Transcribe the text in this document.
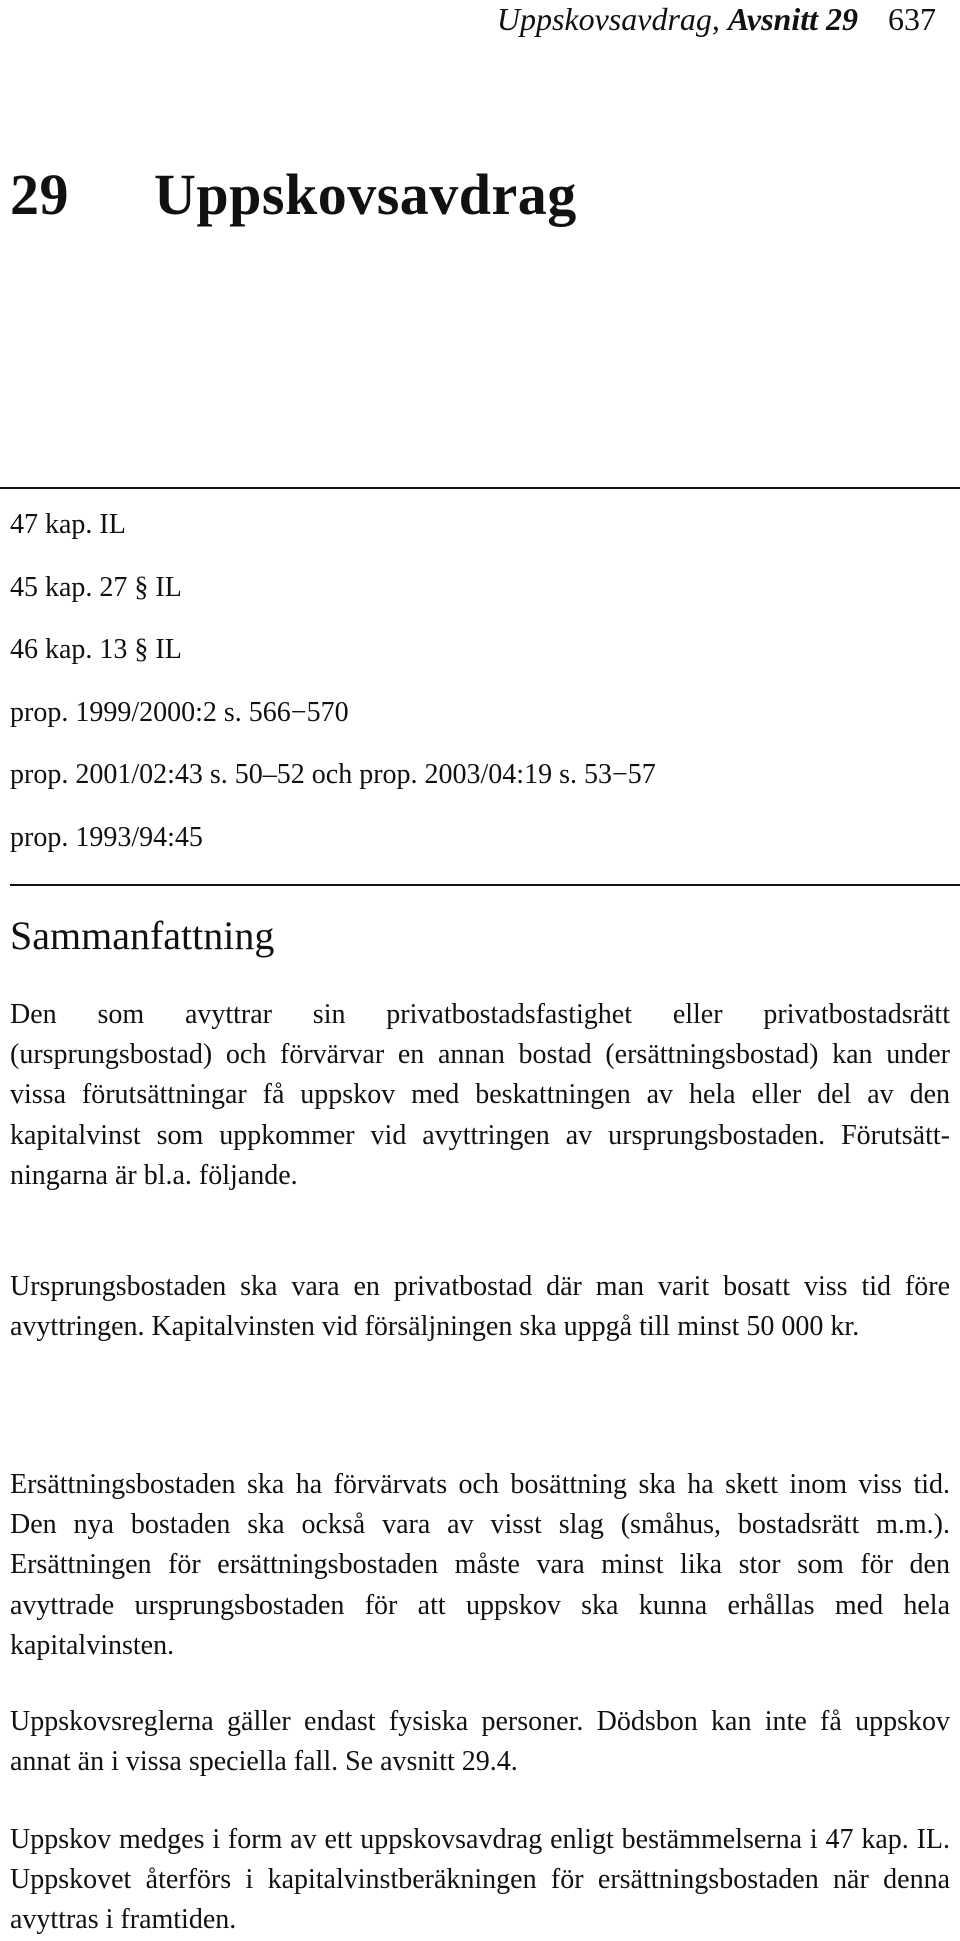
Uppskovsavdrag, Avsnitt 29 637
29 Uppskovsavdrag
47 kap. IL
45 kap. 27 § IL
46 kap. 13 § IL
prop. 1999/2000:2 s. 566−570
prop. 2001/02:43 s. 50–52 och prop. 2003/04:19 s. 53−57
prop. 1993/94:45
Sammanfattning

Den som avyttrar sin privatbostadsfastighet eller privatbostadsrätt (ursprungsbostad) och förvärvar en annan bostad (ersättningsbostad) kan under vissa förutsättningar få uppskov med beskattningen av hela eller del av den kapitalvinst som uppkommer vid avyttringen av ursprungsbostaden. Förutsättningarna är bl.a. följande.

Ursprungsbostaden ska vara en privatbostad där man varit bosatt viss tid före avyttringen. Kapitalvinsten vid försäljningen ska uppgå till minst 50 000 kr.

Ersättningsbostaden ska ha förvärvats och bosättning ska ha skett inom viss tid. Den nya bostaden ska också vara av visst slag (småhus, bostadsrätt m.m.). Ersättningen för ersättningsbostaden måste vara minst lika stor som för den avyttrade ursprungsbostaden för att uppskov ska kunna erhållas med hela kapitalvinsten.

Uppskovsreglerna gäller endast fysiska personer. Dödsbon kan inte få uppskov annat än i vissa speciella fall. Se avsnitt 29.4.

Uppskov medges i form av ett uppskovsavdrag enligt bestämmelserna i 47 kap. IL. Uppskovet återförs i kapitalvinstberäkningen för ersättningsbostaden när denna avyttras i framtiden.
